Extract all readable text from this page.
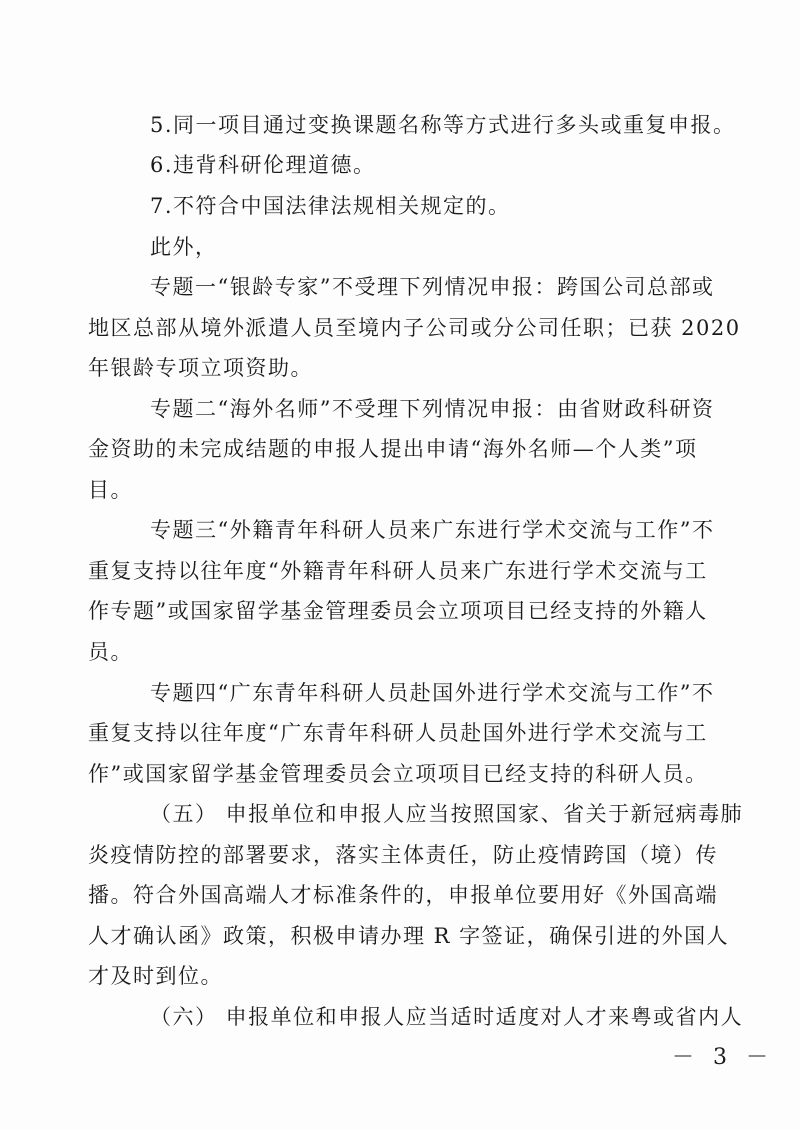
5.同一项目通过变换课题名称等方式进行多头或重复申报。
6.违背科研伦理道德。
7.不符合中国法律法规相关规定的。
此外，
专题一“银龄专家”不受理下列情况申报：跨国公司总部或
地区总部从境外派遣人员至境内子公司或分公司任职；已获 2020
年银龄专项立项资助。
专题二“海外名师”不受理下列情况申报：由省财政科研资
金资助的未完成结题的申报人提出申请“海外名师—个人类”项
目。
专题三“外籍青年科研人员来广东进行学术交流与工作”不
重复支持以往年度“外籍青年科研人员来广东进行学术交流与工
作专题”或国家留学基金管理委员会立项项目已经支持的外籍人
员。
专题四“广东青年科研人员赴国外进行学术交流与工作”不
重复支持以往年度“广东青年科研人员赴国外进行学术交流与工
作”或国家留学基金管理委员会立项项目已经支持的科研人员。
（五） 申报单位和申报人应当按照国家、省关于新冠病毒肺
炎疫情防控的部署要求，落实主体责任，防止疫情跨国（境）传
播。符合外国高端人才标准条件的，申报单位要用好《外国高端
人才确认函》政策，积极申请办理 R 字签证，确保引进的外国人
才及时到位。
（六） 申报单位和申报人应当适时适度对人才来粤或省内人
－ 3 －
